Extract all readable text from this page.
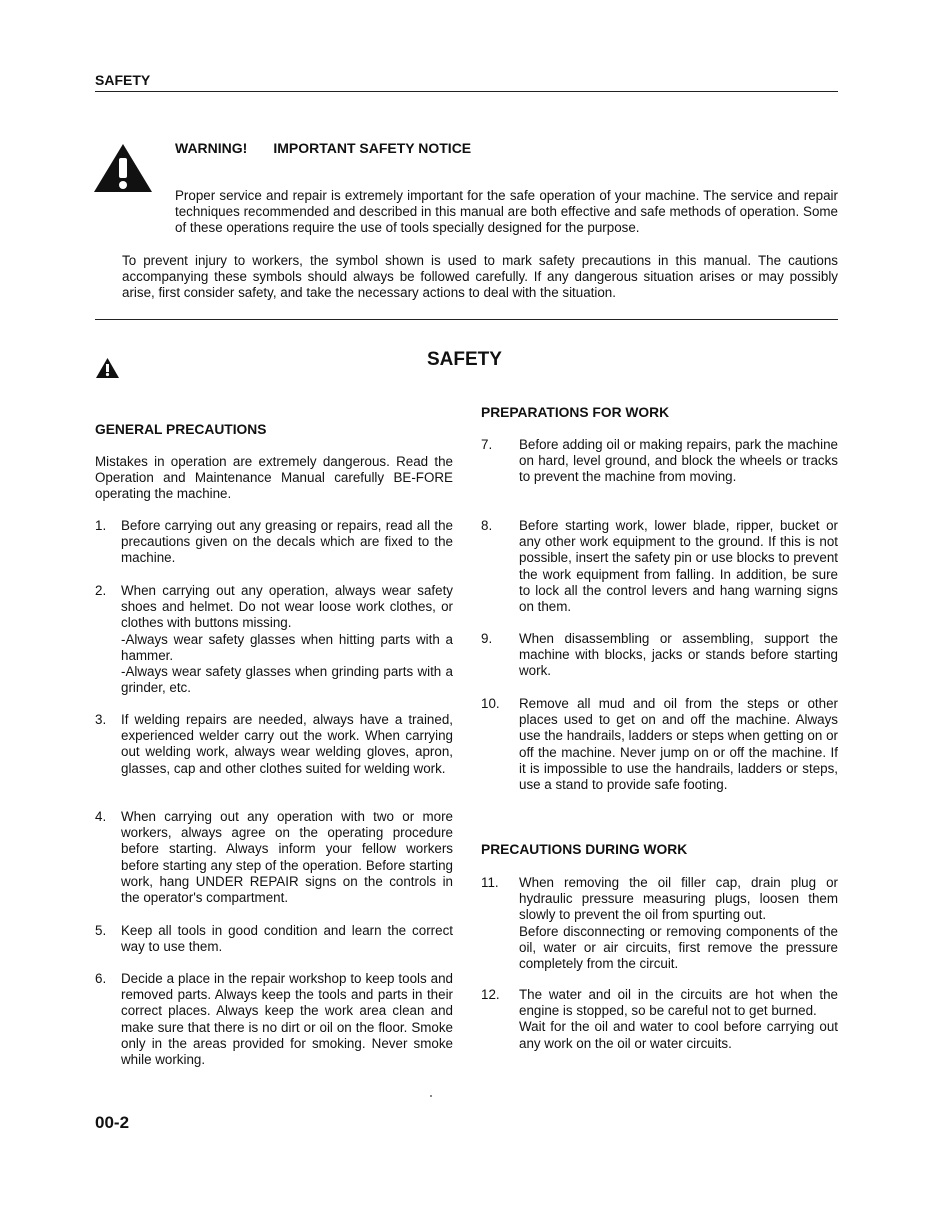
SAFETY
WARNING! IMPORTANT SAFETY NOTICE
Proper service and repair is extremely important for the safe operation of your machine. The service and repair techniques recommended and described in this manual are both effective and safe methods of operation. Some of these operations require the use of tools specially designed for the purpose.
To prevent injury to workers, the symbol shown is used to mark safety precautions in this manual. The cautions accompanying these symbols should always be followed carefully. If any dangerous situation arises or may possibly arise, first consider safety, and take the necessary actions to deal with the situation.
SAFETY
GENERAL PRECAUTIONS
Mistakes in operation are extremely dangerous. Read the Operation and Maintenance Manual carefully BE-FORE operating the machine.
1.	Before carrying out any greasing or repairs, read all the precautions given on the decals which are fixed to the machine.
2.	When carrying out any operation, always wear safety shoes and helmet. Do not wear loose work clothes, or clothes with buttons missing.
-Always wear safety glasses when hitting parts with a hammer.
-Always wear safety glasses when grinding parts with a grinder, etc.
3.	If welding repairs are needed, always have a trained, experienced welder carry out the work. When carrying out welding work, always wear welding gloves, apron, glasses, cap and other clothes suited for welding work.
4.	When carrying out any operation with two or more workers, always agree on the operating procedure before starting. Always inform your fellow workers before starting any step of the operation. Before starting work, hang UNDER REPAIR signs on the controls in the operator's compartment.
5.	Keep all tools in good condition and learn the correct way to use them.
6.	Decide a place in the repair workshop to keep tools and removed parts. Always keep the tools and parts in their correct places. Always keep the work area clean and make sure that there is no dirt or oil on the floor. Smoke only in the areas provided for smoking. Never smoke while working.
PREPARATIONS FOR WORK
7.	Before adding oil or making repairs, park the machine on hard, level ground, and block the wheels or tracks to prevent the machine from moving.
8.	Before starting work, lower blade, ripper, bucket or any other work equipment to the ground. If this is not possible, insert the safety pin or use blocks to prevent the work equipment from falling. In addition, be sure to lock all the control levers and hang warning signs on them.
9.	When disassembling or assembling, support the machine with blocks, jacks or stands before starting work.
10.	Remove all mud and oil from the steps or other places used to get on and off the machine. Always use the handrails, ladders or steps when getting on or off the machine. Never jump on or off the machine. If it is impossible to use the handrails, ladders or steps, use a stand to provide safe footing.
PRECAUTIONS DURING WORK
11.	When removing the oil filler cap, drain plug or hydraulic pressure measuring plugs, loosen them slowly to prevent the oil from spurting out.
Before disconnecting or removing components of the oil, water or air circuits, first remove the pressure completely from the circuit.
12.	The water and oil in the circuits are hot when the engine is stopped, so be careful not to get burned.
Wait for the oil and water to cool before carrying out any work on the oil or water circuits.
00-2
